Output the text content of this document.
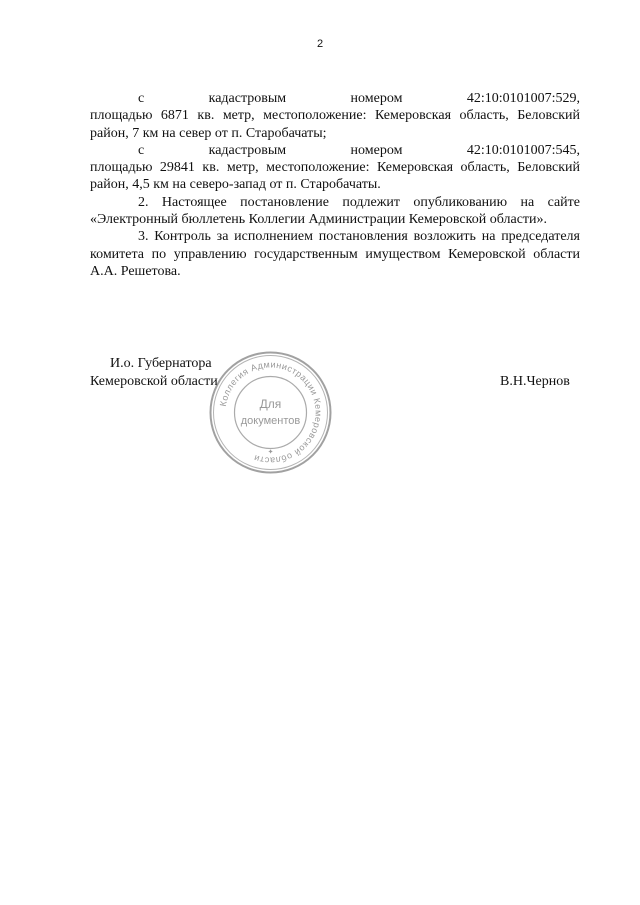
2
с	кадастровым	номером	42:10:0101007:529,

площадью 6871 кв. метр, местоположение: Кемеровская область, Беловский район, 7 км на север от п. Старобачаты;

с	кадастровым	номером	42:10:0101007:545,

площадью 29841 кв. метр, местоположение: Кемеровская область, Беловский район, 4,5 км на северо-запад от п. Старобачаты.

2. Настоящее постановление подлежит опубликованию на сайте «Электронный бюллетень Коллегии Администрации Кемеровской области».

3. Контроль за исполнением постановления возложить на председателя комитета по управлению государственным имуществом Кемеровской области А.А. Решетова.

И.о. Губернатора
Кемеровской области	В.Н.Чернов
Коллегия Администрации Кемеровской области
Для
документов
✦
